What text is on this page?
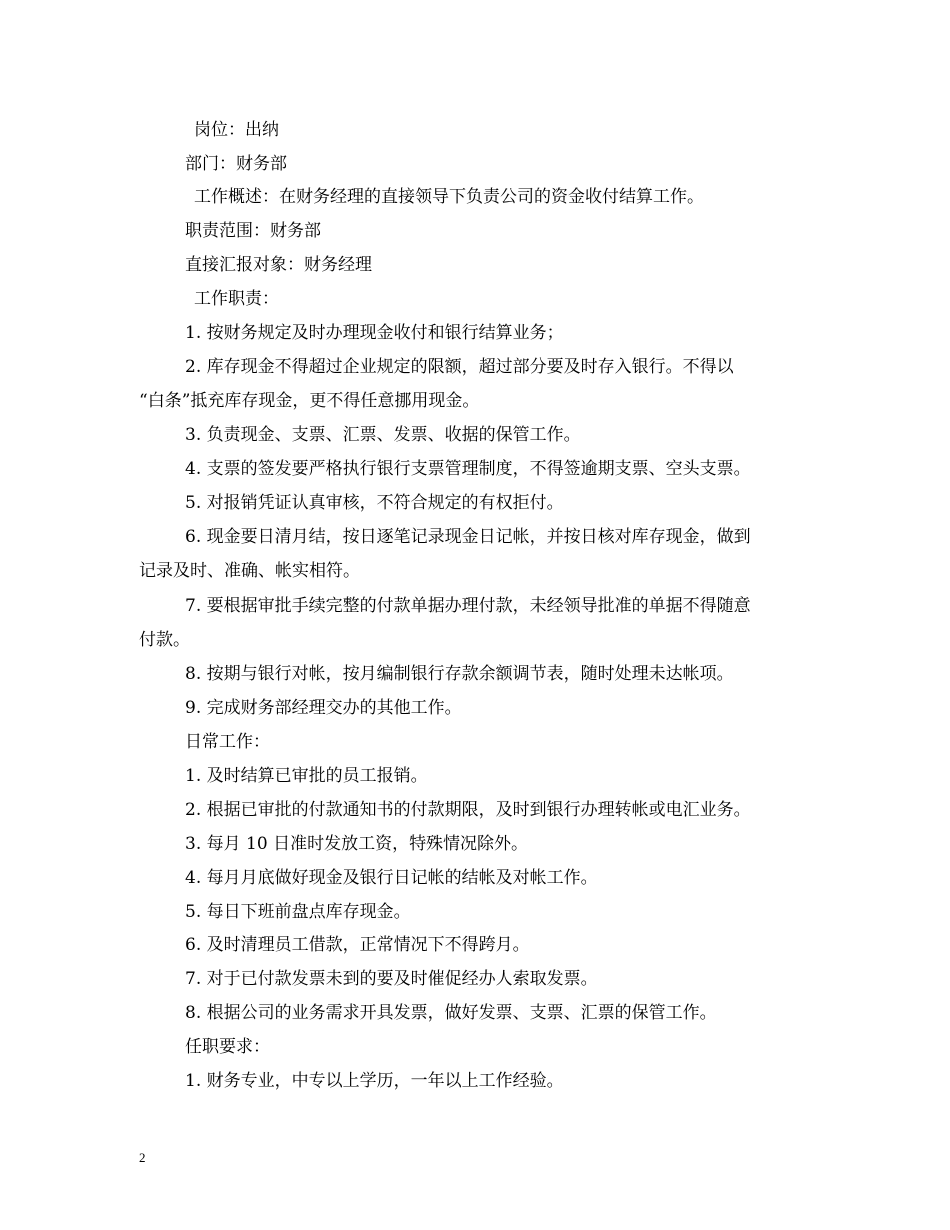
岗位：出纳
部门：财务部
工作概述：在财务经理的直接领导下负责公司的资金收付结算工作。
职责范围：财务部
直接汇报对象：财务经理
工作职责：
1. 按财务规定及时办理现金收付和银行结算业务；
2. 库存现金不得超过企业规定的限额，超过部分要及时存入银行。不得以
“白条”抵充库存现金，更不得任意挪用现金。
3. 负责现金、支票、汇票、发票、收据的保管工作。
4. 支票的签发要严格执行银行支票管理制度，不得签逾期支票、空头支票。
5. 对报销凭证认真审核，不符合规定的有权拒付。
6. 现金要日清月结，按日逐笔记录现金日记帐，并按日核对库存现金，做到
记录及时、准确、帐实相符。
7. 要根据审批手续完整的付款单据办理付款，未经领导批准的单据不得随意
付款。
8. 按期与银行对帐，按月编制银行存款余额调节表，随时处理未达帐项。
9. 完成财务部经理交办的其他工作。
日常工作：
1. 及时结算已审批的员工报销。
2. 根据已审批的付款通知书的付款期限，及时到银行办理转帐或电汇业务。
3. 每月 10 日准时发放工资，特殊情况除外。
4. 每月月底做好现金及银行日记帐的结帐及对帐工作。
5. 每日下班前盘点库存现金。
6. 及时清理员工借款，正常情况下不得跨月。
7. 对于已付款发票未到的要及时催促经办人索取发票。
8. 根据公司的业务需求开具发票，做好发票、支票、汇票的保管工作。
任职要求：
1. 财务专业，中专以上学历，一年以上工作经验。
2
